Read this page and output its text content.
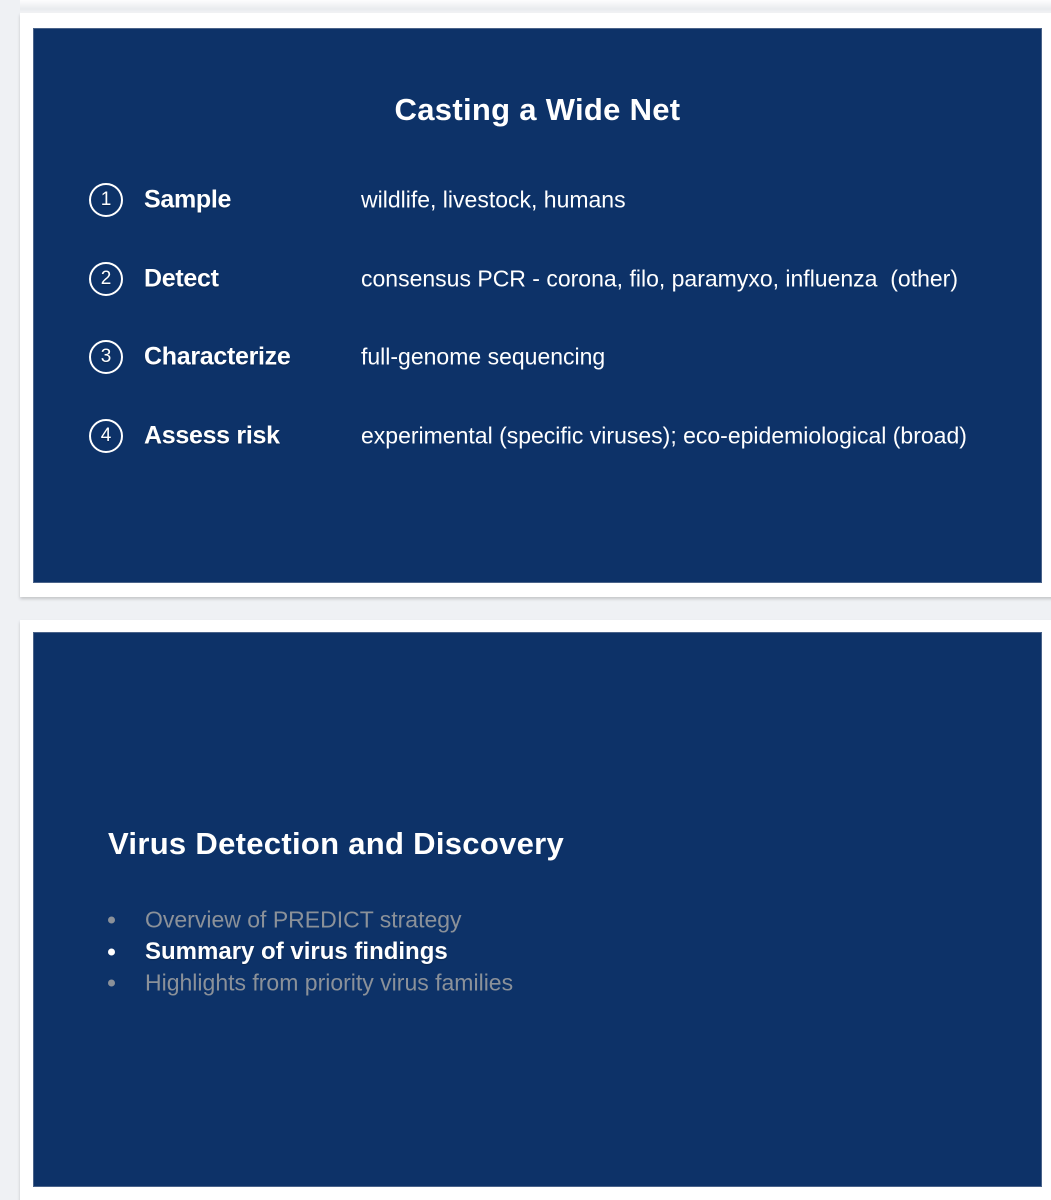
Casting a Wide Net
1	Sample	wildlife, livestock, humans
2	Detect	consensus PCR - corona, filo, paramyxo, influenza  (other)
3	Characterize	full-genome sequencing
4	Assess risk	experimental (specific viruses); eco-epidemiological (broad)
Virus Detection and Discovery
Overview of PREDICT strategy
Summary of virus findings
Highlights from priority virus families
